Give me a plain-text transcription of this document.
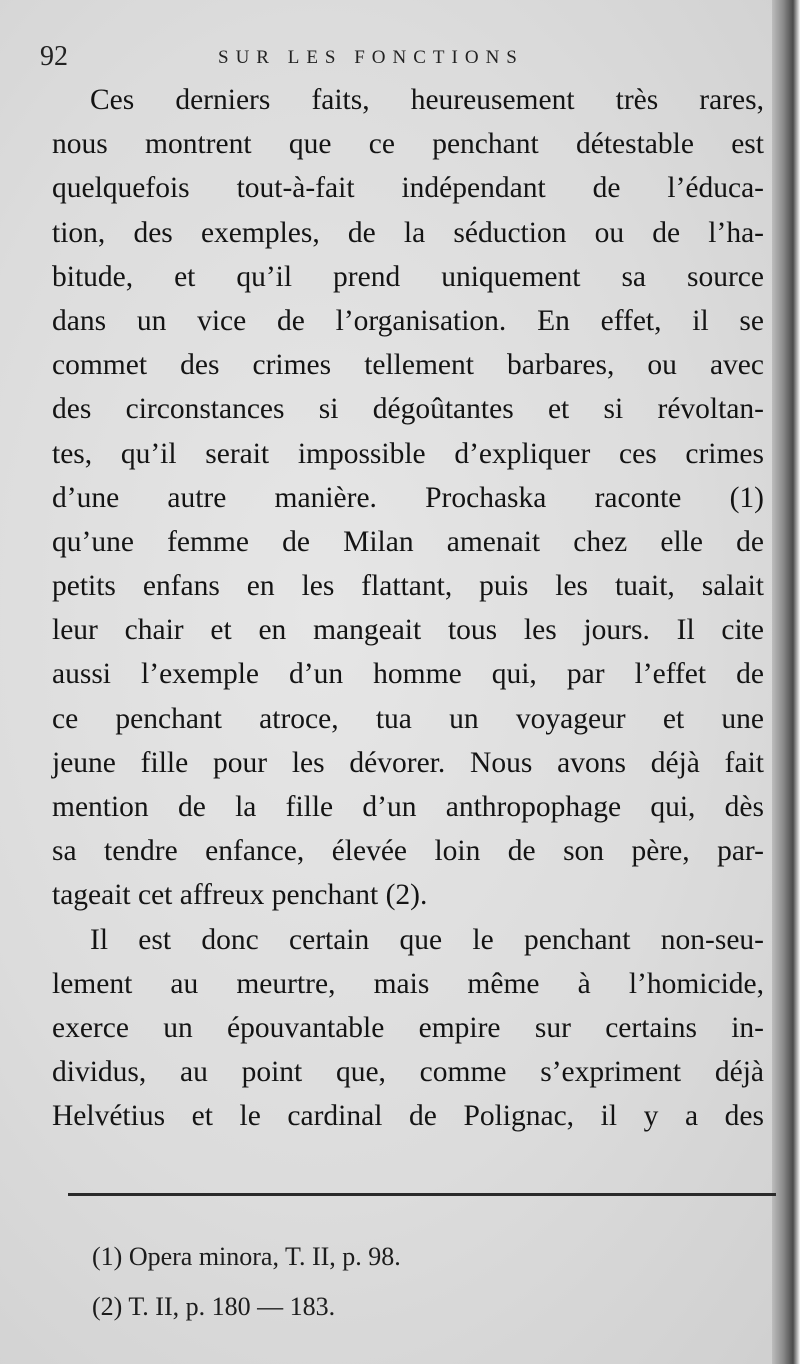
92	SUR LES FONCTIONS
Ces derniers faits, heureusement très rares,
nous montrent que ce penchant détestable est
quelquefois tout-à-fait indépendant de l’éduca-
tion, des exemples, de la séduction ou de l’ha-
bitude, et qu’il prend uniquement sa source
dans un vice de l’organisation. En effet, il se
commet des crimes tellement barbares, ou avec
des circonstances si dégoûtantes et si révoltan-
tes, qu’il serait impossible d’expliquer ces crimes
d’une autre manière. Prochaska raconte (1)
qu’une femme de Milan amenait chez elle de
petits enfans en les flattant, puis les tuait, salait
leur chair et en mangeait tous les jours. Il cite
aussi l’exemple d’un homme qui, par l’effet de
ce penchant atroce, tua un voyageur et une
jeune fille pour les dévorer. Nous avons déjà fait
mention de la fille d’un anthropophage qui, dès
sa tendre enfance, élevée loin de son père, par-
tageait cet affreux penchant (2).
Il est donc certain que le penchant non-seu-
lement au meurtre, mais même à l’homicide,
exerce un épouvantable empire sur certains in-
dividus, au point que, comme s’expriment déjà
Helvétius et le cardinal de Polignac, il y a des
(1) Opera minora, T. II, p. 98.
(2) T. II, p. 180 — 183.
